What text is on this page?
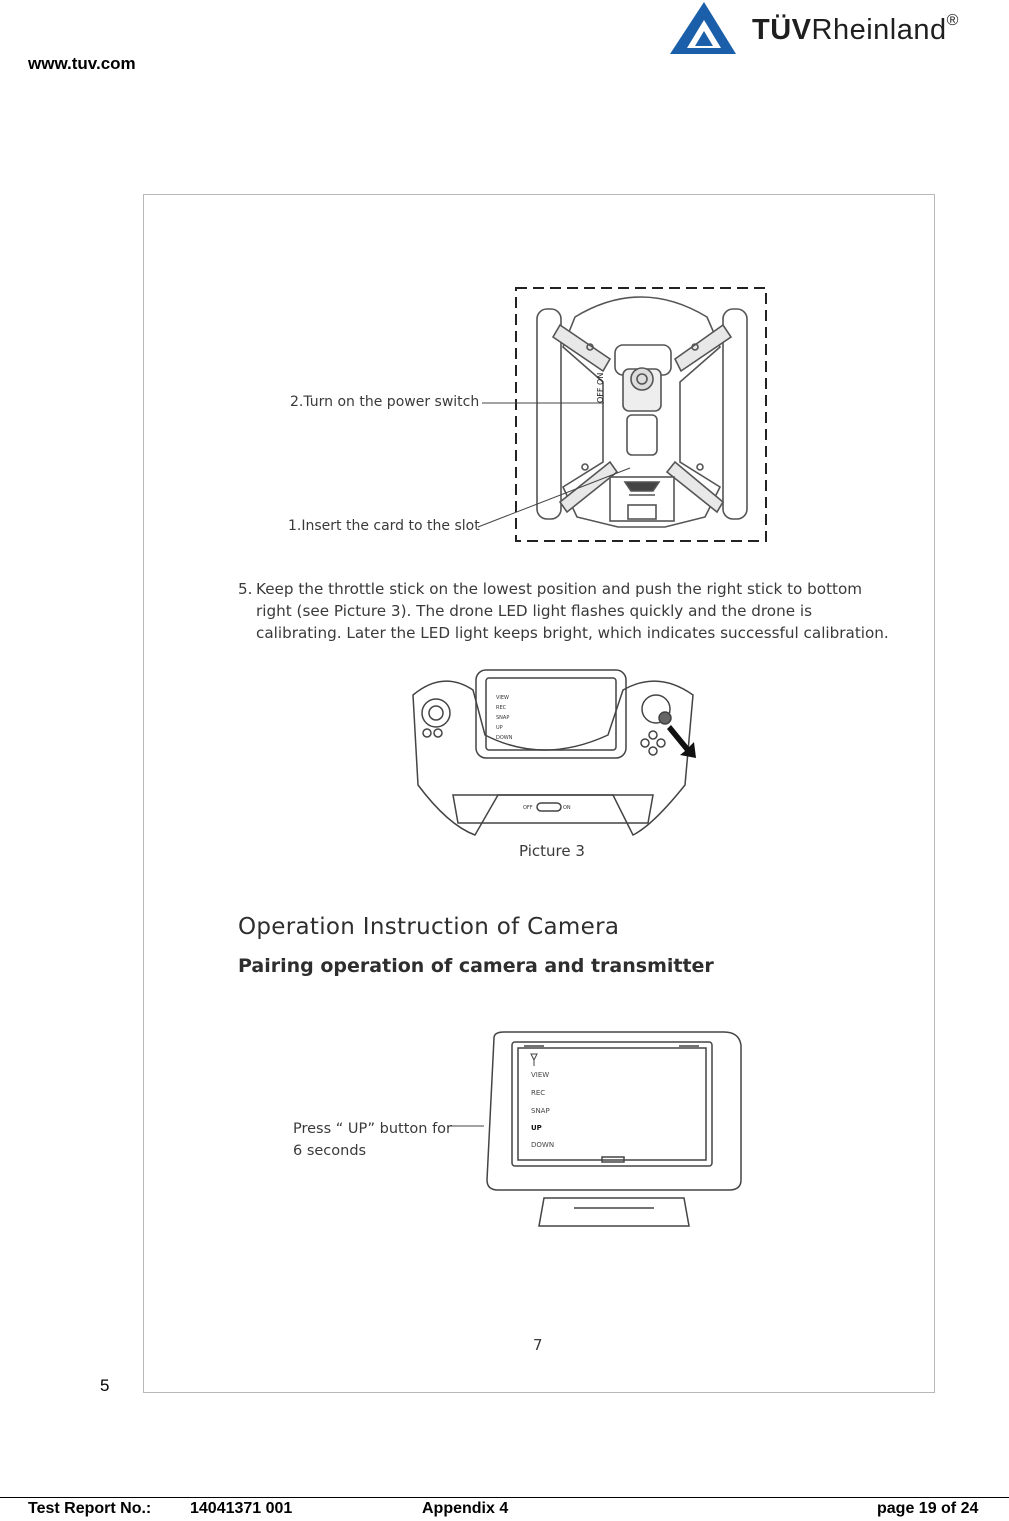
www.tuv.com
TÜVRheinland®
OFF ON
2.Turn on the power switch
1.Insert the card to the slot
5. Keep the throttle stick on the lowest position and push the right stick to bottom
right (see Picture 3). The drone LED light flashes quickly and the drone is
calibrating. Later the LED light keeps bright, which indicates successful calibration.
VIEW
REC
SNAP
UP
DOWN
OFF	ON
Picture 3
Operation Instruction of Camera
Pairing operation of camera and transmitter
VIEW
REC
SNAP
UP
DOWN
Press “ UP” button for
6 seconds
7
5
Test Report No.: 14041371 001	Appendix 4	page 19 of 24
